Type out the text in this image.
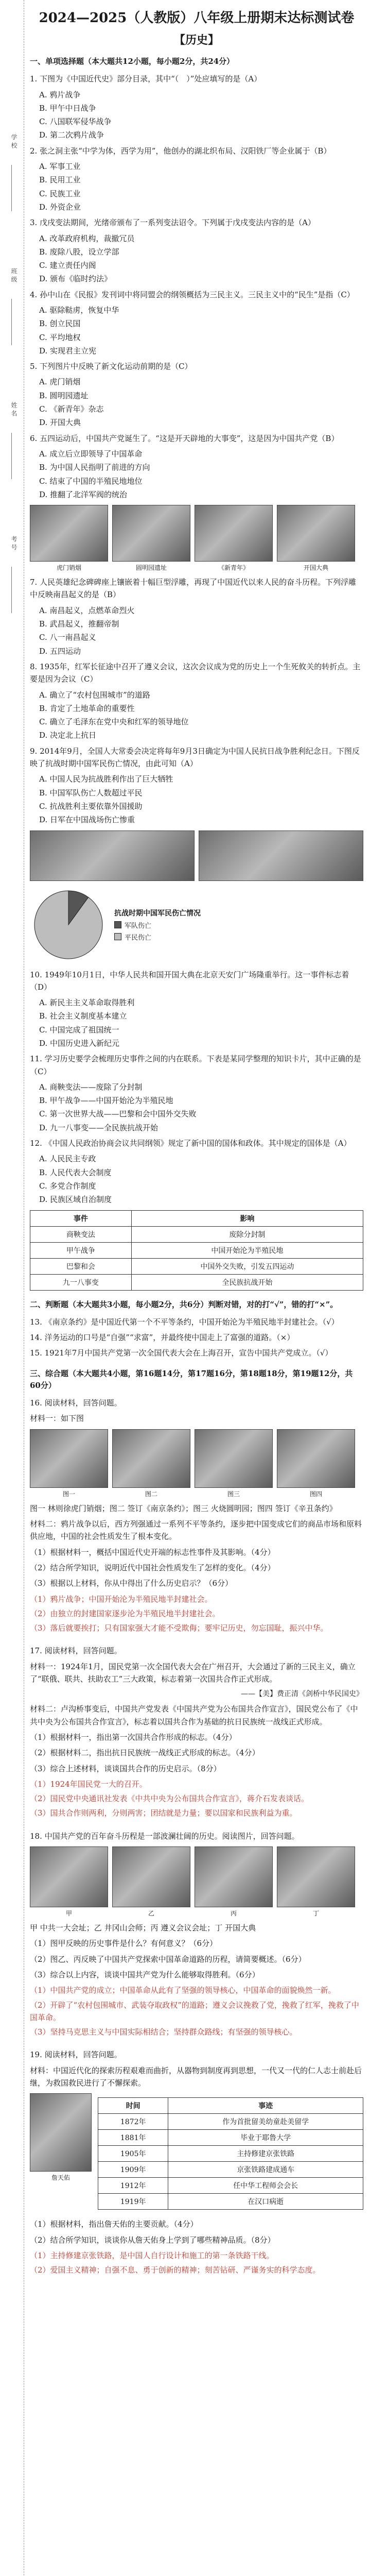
学校
班级
姓名
考号
2024—2025（人教版）八年级上册期末达标测试卷
【历史】
一、单项选择题（本大题共12小题，每小题2分，共24分）
1. 下图为《中国近代史》部分目录，其中“（　）”处应填写的是（A）
A. 鸦片战争
B. 甲午中日战争
C. 八国联军侵华战争
D. 第二次鸦片战争
2. 张之洞主张“中学为体，西学为用”，他创办的湖北织布局、汉阳铁厂等企业属于（B）
A. 军事工业
B. 民用工业
C. 民族工业
D. 外资企业
3. 戊戌变法期间，光绪帝颁布了一系列变法诏令。下列属于戊戌变法内容的是（A）
A. 改革政府机构，裁撤冗员
B. 废除八股，设立学部
C. 建立责任内阁
D. 颁布《临时约法》
4. 孙中山在《民报》发刊词中将同盟会的纲领概括为三民主义。三民主义中的“民生”是指（C）
A. 驱除鞑虏，恢复中华
B. 创立民国
C. 平均地权
D. 实现君主立宪
5. 下列图片中反映了新文化运动前期的是（C）
A. 虎门销烟
B. 圆明园遗址
C. 《新青年》杂志
D. 开国大典
6. 五四运动后，中国共产党诞生了。“这是开天辟地的大事变”，这是因为中国共产党（B）
A. 成立后立即领导了中国革命
B. 为中国人民指明了前进的方向
C. 结束了中国的半殖民地地位
D. 推翻了北洋军阀的统治
虎门销烟	圆明园遗址	《新青年》	开国大典
7. 人民英雄纪念碑碑座上镶嵌着十幅巨型浮雕，再现了中国近代以来人民的奋斗历程。下列浮雕中反映南昌起义的是（B）
A. 南昌起义，点燃革命烈火
B. 武昌起义，推翻帝制
C. 八一南昌起义
D. 五四运动
8. 1935年，红军长征途中召开了遵义会议，这次会议成为党的历史上一个生死攸关的转折点。主要是因为会议（C）
A. 确立了“农村包围城市”的道路
B. 肯定了土地革命的重要性
C. 确立了毛泽东在党中央和红军的领导地位
D. 决定北上抗日
9. 2014年9月，全国人大常委会决定将每年9月3日确定为中国人民抗日战争胜利纪念日。下图反映了抗战时期中国军民伤亡情况，由此可知（A）
A. 中国人民为抗战胜利作出了巨大牺牲
B. 中国军队伤亡人数超过平民
C. 抗战胜利主要依靠外国援助
D. 日军在中国战场伤亡惨重
抗战时期中国军民伤亡情况
军队伤亡
平民伤亡
10. 1949年10月1日，中华人民共和国开国大典在北京天安门广场隆重举行。这一事件标志着（D）
A. 新民主主义革命取得胜利
B. 社会主义制度基本建立
C. 中国完成了祖国统一
D. 中国历史进入新纪元
11. 学习历史要学会梳理历史事件之间的内在联系。下表是某同学整理的知识卡片，其中正确的是（C）
A. 商鞅变法——废除了分封制
B. 甲午战争——中国开始沦为半殖民地
C. 第一次世界大战——巴黎和会中国外交失败
D. 九一八事变——全民族抗战开始
12. 《中国人民政治协商会议共同纲领》规定了新中国的国体和政体。其中规定的国体是（A）
A. 人民民主专政
B. 人民代表大会制度
C. 多党合作制度
D. 民族区域自治制度
事件	影响
商鞅变法	废除分封制
甲午战争	中国开始沦为半殖民地
巴黎和会	中国外交失败，引发五四运动
九一八事变	全民族抗战开始
二、判断题（本大题共3小题，每小题2分，共6分）判断对错，对的打“√”，错的打“×”。
13. 《南京条约》是中国近代第一个不平等条约，中国开始沦为半殖民地半封建社会。（√）
14. 洋务运动的口号是“自强”“求富”，并最终使中国走上了富强的道路。（×）
15. 1921年7月中国共产党第一次全国代表大会在上海召开，宣告中国共产党成立。（√）
三、综合题（本大题共4小题，第16题14分，第17题16分，第18题18分，第19题12分，共60分）
16. 阅读材料，回答问题。
材料一：如下图
图一	图二	图三	图四
图一 林则徐虎门销烟；图二 签订《南京条约》；图三 火烧圆明园；图四 签订《辛丑条约》
材料二：鸦片战争以后，西方列强通过一系列不平等条约，逐步把中国变成它们的商品市场和原料供应地，中国的社会性质发生了根本变化。
（1）根据材料一，概括中国近代史开端的标志性事件及其影响。（4分）
（2）结合所学知识，说明近代中国社会性质发生了怎样的变化。（4分）
（3）根据以上材料，你从中得出了什么历史启示？（6分）
（1）鸦片战争；中国开始沦为半殖民地半封建社会。
（2）由独立的封建国家逐步沦为半殖民地半封建社会。
（3）落后就要挨打；只有国家强大才能不受欺侮；要牢记历史，勿忘国耻，振兴中华。
17. 阅读材料，回答问题。
材料一：1924年1月，国民党第一次全国代表大会在广州召开，大会通过了新的三民主义，确立了“联俄、联共、扶助农工”三大政策，标志着第一次国共合作正式形成。
——【美】费正清《剑桥中华民国史》
材料二：卢沟桥事变后，中国共产党发表《中国共产党为公布国共合作宣言》，国民党公布了《中共中央为公布国共合作宣言》，标志着以国共合作为基础的抗日民族统一战线正式形成。
（1）根据材料一，指出第一次国共合作形成的标志。（4分）
（2）根据材料二，指出抗日民族统一战线正式形成的标志。（4分）
（3）综合上述材料，谈谈国共合作的历史启示。（8分）
（1）1924年国民党一大的召开。
（2）国民党中央通讯社发表《中共中央为公布国共合作宣言》，蒋介石发表谈话。
（3）国共合作则两利，分则两害；团结就是力量；要以国家和民族利益为重。
18. 中国共产党的百年奋斗历程是一部波澜壮阔的历史。阅读图片，回答问题。
甲	乙	丙	丁
甲 中共一大会址；乙 井冈山会师；丙 遵义会议会址；丁 开国大典
（1）图甲反映的历史事件是什么？有何意义？（6分）
（2）图乙、丙反映了中国共产党探索中国革命道路的历程，请简要概述。（6分）
（3）综合以上内容，谈谈中国共产党为什么能够取得胜利。（6分）
（1）中国共产党的成立；中国革命从此有了坚强的领导核心，中国革命的面貌焕然一新。
（2）开辟了“农村包围城市、武装夺取政权”的道路；遵义会议挽救了党，挽救了红军，挽救了中国革命。
（3）坚持马克思主义与中国实际相结合；坚持群众路线；有坚强的领导核心。
19. 阅读材料，回答问题。
材料：中国近代化的探索历程艰难而曲折，从器物到制度再到思想，一代又一代的仁人志士前赴后继，为救国救民进行了不懈探索。
詹天佑
时间	事迹
1872年	作为首批留美幼童赴美留学
1881年	毕业于耶鲁大学
1905年	主持修建京张铁路
1909年	京张铁路建成通车
1912年	任中华工程师会会长
1919年	在汉口病逝
（1）根据材料，指出詹天佑的主要贡献。（4分）
（2）结合所学知识，谈谈你从詹天佑身上学到了哪些精神品质。（8分）
（1）主持修建京张铁路，是中国人自行设计和施工的第一条铁路干线。
（2）爱国主义精神；自强不息、勇于创新的精神；刻苦钻研、严谨务实的科学态度。
